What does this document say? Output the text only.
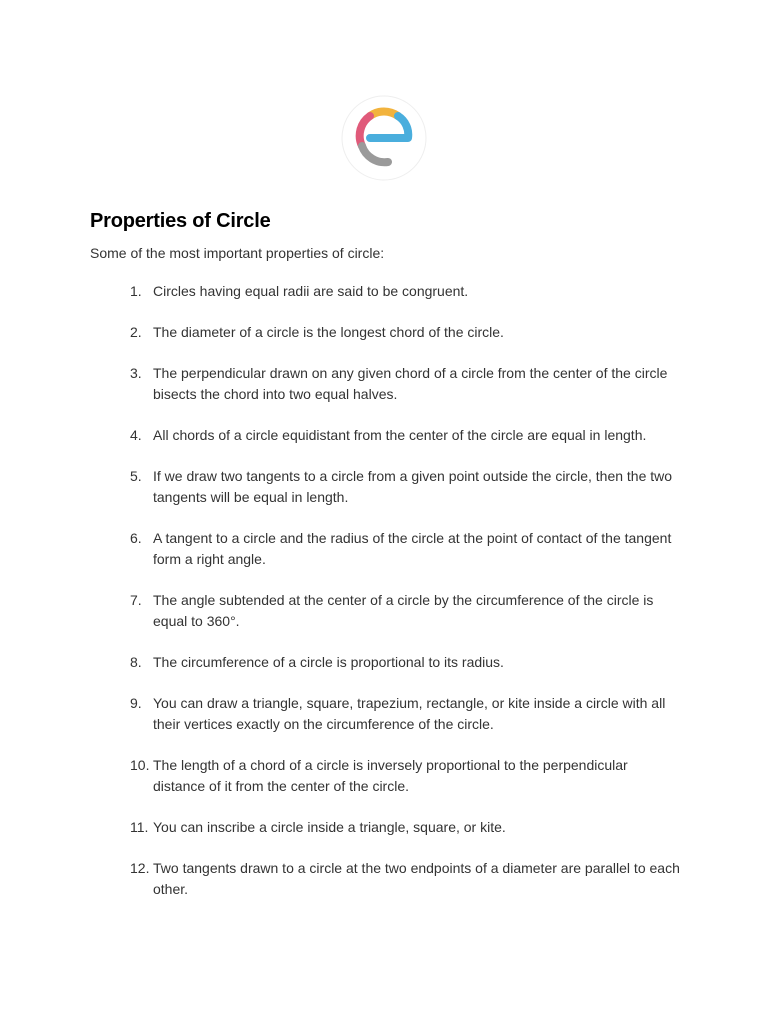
Properties of Circle
Some of the most important properties of circle:
1. Circles having equal radii are said to be congruent.
2. The diameter of a circle is the longest chord of the circle.
3. The perpendicular drawn on any given chord of a circle from the center of the circle bisects the chord into two equal halves.
4. All chords of a circle equidistant from the center of the circle are equal in length.
5. If we draw two tangents to a circle from a given point outside the circle, then the two tangents will be equal in length.
6. A tangent to a circle and the radius of the circle at the point of contact of the tangent form a right angle.
7. The angle subtended at the center of a circle by the circumference of the circle is equal to 360°.
8. The circumference of a circle is proportional to its radius.
9. You can draw a triangle, square, trapezium, rectangle, or kite inside a circle with all their vertices exactly on the circumference of the circle.
10. The length of a chord of a circle is inversely proportional to the perpendicular distance of it from the center of the circle.
11. You can inscribe a circle inside a triangle, square, or kite.
12. Two tangents drawn to a circle at the two endpoints of a diameter are parallel to each other.
